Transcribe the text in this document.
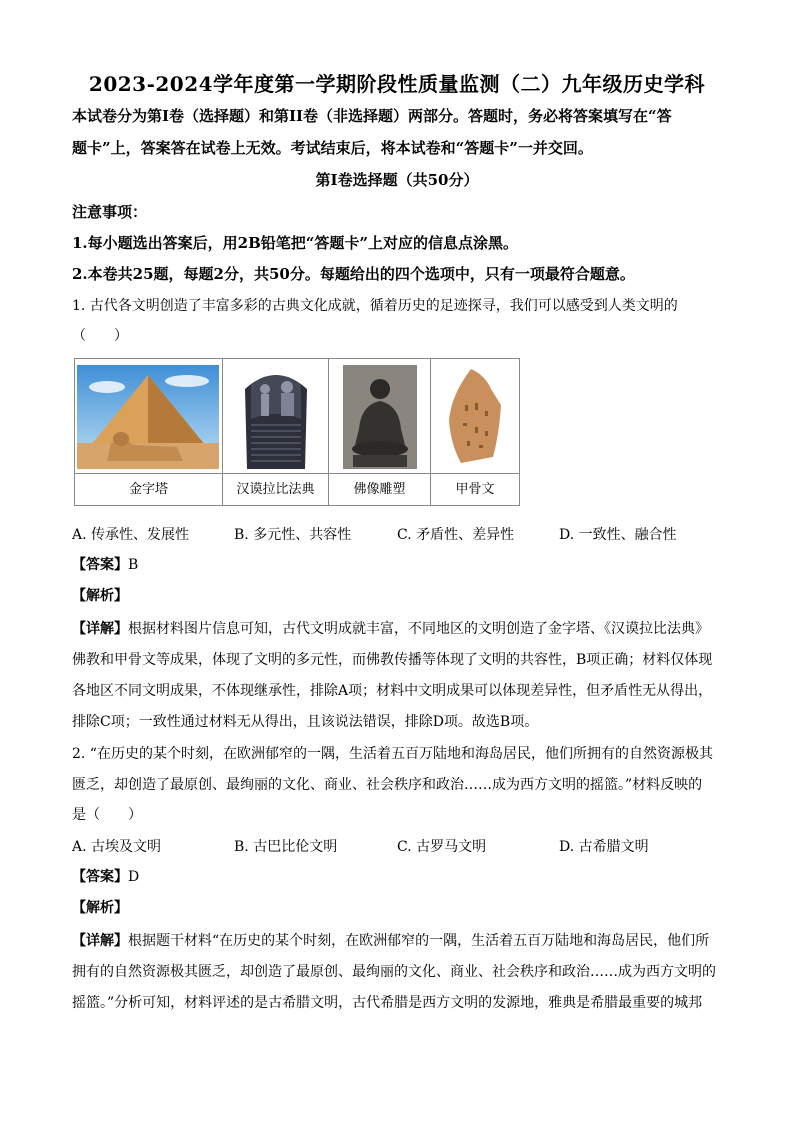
2023-2024学年度第一学期阶段性质量监测（二）九年级历史学科
本试卷分为第Ⅰ卷（选择题）和第II卷（非选择题）两部分。答题时，务必将答案填写在“答
题卡”上，答案答在试卷上无效。考试结束后，将本试卷和“答题卡”一并交回。
第Ⅰ卷选择题（共50分）
注意事项：
1.每小题选出答案后，用2B铅笔把“答题卡”上对应的信息点涂黑。
2.本卷共25题，每题2分，共50分。每题给出的四个选项中，只有一项最符合题意。
1. 古代各文明创造了丰富多彩的古典文化成就，循着历史的足迹探寻，我们可以感受到人类文明的
（　　）
金字塔	汉谟拉比法典	佛像雕塑	甲骨文
A. 传承性、发展性	B. 多元性、共容性	C. 矛盾性、差异性	D. 一致性、融合性
【答案】B
【解析】
【详解】根据材料图片信息可知，古代文明成就丰富，不同地区的文明创造了金字塔、《汉谟拉比法典》
佛教和甲骨文等成果，体现了文明的多元性，而佛教传播等体现了文明的共容性，B项正确；材料仅体现
各地区不同文明成果，不体现继承性，排除A项；材料中文明成果可以体现差异性，但矛盾性无从得出，
排除C项；一致性通过材料无从得出，且该说法错误，排除D项。故选B项。
2. “在历史的某个时刻，在欧洲郁窄的一隅，生活着五百万陆地和海岛居民，他们所拥有的自然资源极其
匮乏，却创造了最原创、最绚丽的文化、商业、社会秩序和政治……成为西方文明的摇篮。”材料反映的
是（　　）
A. 古埃及文明	B. 古巴比伦文明	C. 古罗马文明	D. 古希腊文明
【答案】D
【解析】
【详解】根据题干材料“在历史的某个时刻，在欧洲郁窄的一隅，生活着五百万陆地和海岛居民，他们所
拥有的自然资源极其匮乏，却创造了最原创、最绚丽的文化、商业、社会秩序和政治……成为西方文明的
摇篮。”分析可知，材料评述的是古希腊文明，古代希腊是西方文明的发源地，雅典是希腊最重要的城邦
